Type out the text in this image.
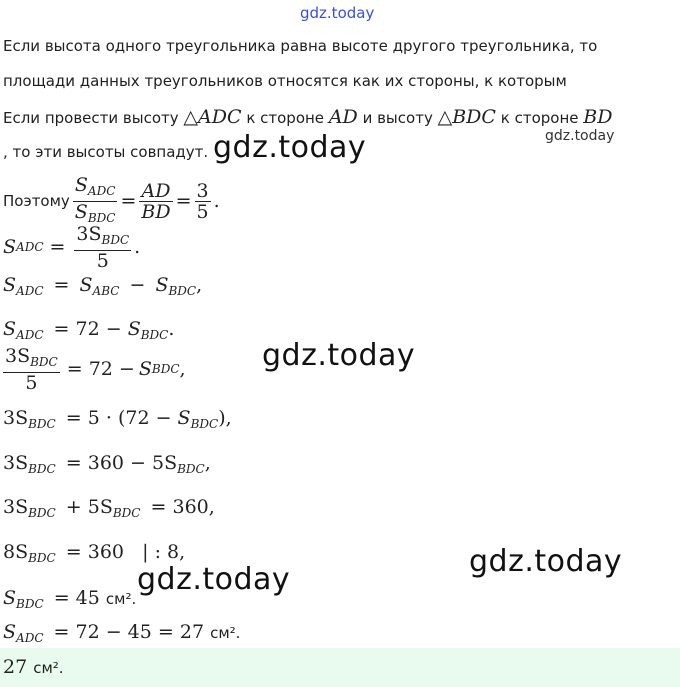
gdz.today
Если высота одного треугольника равна высоте другого треугольника, то
площади данных треугольников относятся как их стороны, к которым
Если провести высоту △ADC к стороне AD и высоту △BDC к стороне BD
gdz.today
, то эти высоты совпадут. gdz.today
Поэтому $\frac{S_{ADC}}{S_{BDC}} = \frac{AD}{BD} = \frac{3}{5}$ .
S ADC = $\frac{3S_{BDC}}{5}$ .
$S_{ADC} = S_{ABC} - S_{BDC}$,
$S_{ADC} = 72 - S_{BDC}$.
gdz.today
$\frac{3S_{BDC}}{5} = 72 - S$ BDC ,
$3S_{BDC} = 5 \cdot (72 - S_{BDC})$,
$3S_{BDC} = 360 - 5S_{BDC}$,
$3S_{BDC} + 5S_{BDC} = 360$,
$8S_{BDC} = 360$   | : 8,	gdz.today
gdz.today
$S_{BDC} = 45$ см².
$S_{ADC} = 72 - 45 = 27$ см².
27 см².
